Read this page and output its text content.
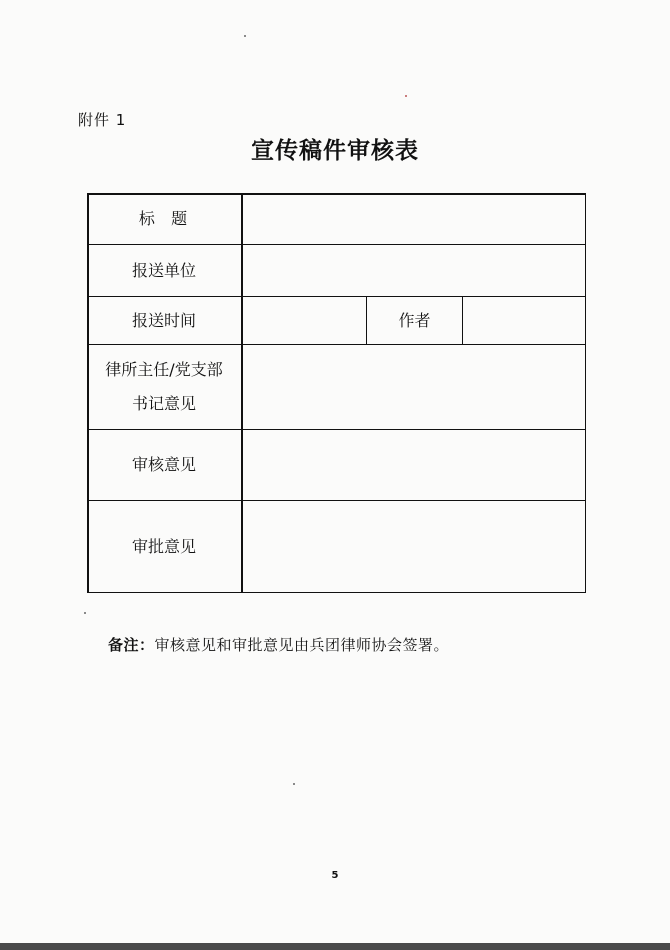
附件 1
宣传稿件审核表
标  题
报送单位
报送时间	作者
律所主任/党支部
书记意见
审核意见
审批意见
备注：审核意见和审批意见由兵团律师协会签署。
5
